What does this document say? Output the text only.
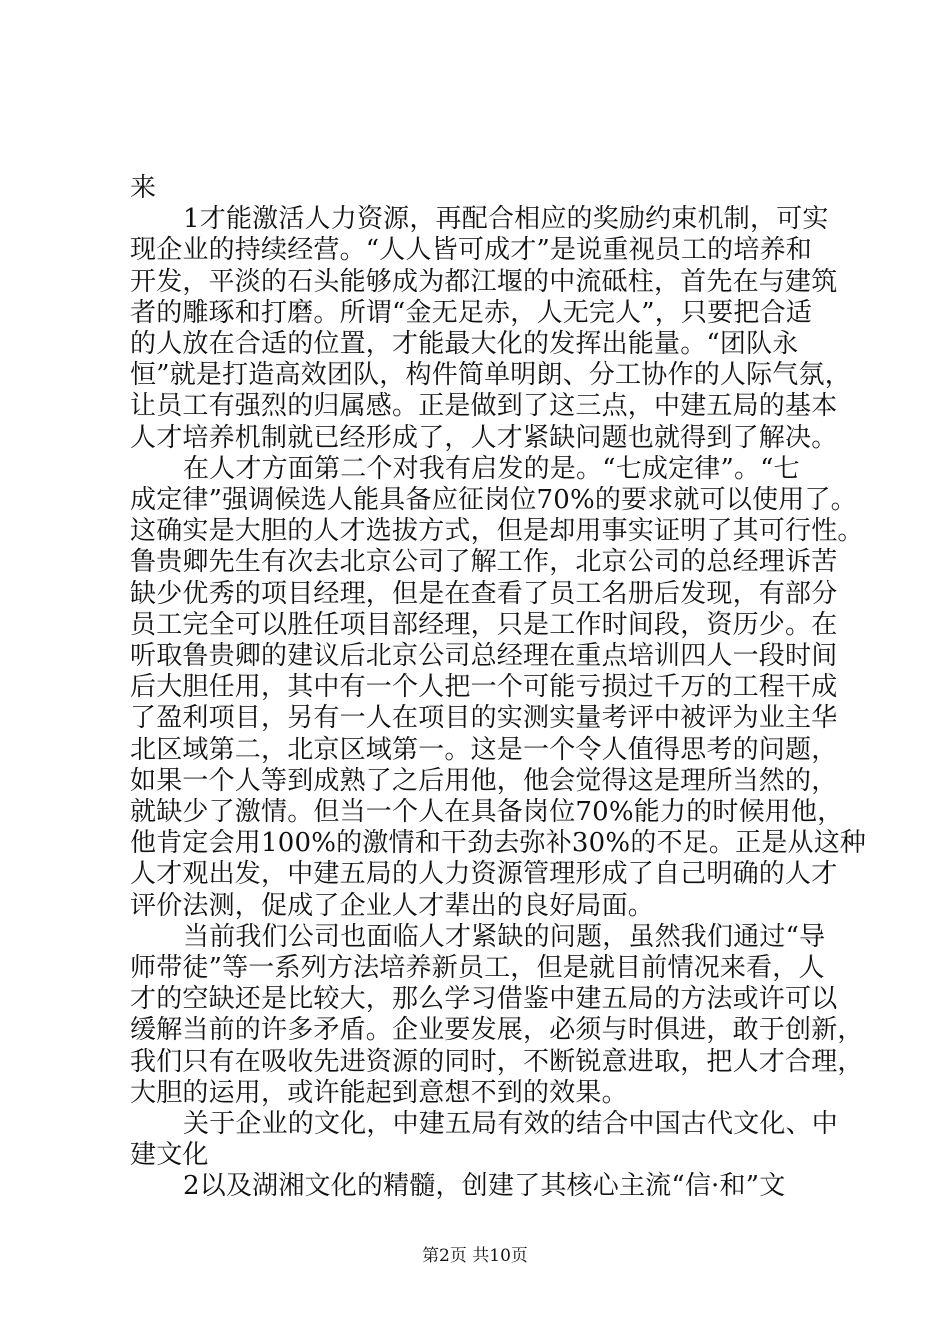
来
1才能激活人力资源，再配合相应的奖励约束机制，可实
现企业的持续经营。“人人皆可成才”是说重视员工的培养和
开发，平淡的石头能够成为都江堰的中流砥柱，首先在与建筑
者的雕琢和打磨。所谓“金无足赤，人无完人”，只要把合适
的人放在合适的位置，才能最大化的发挥出能量。“团队永
恒”就是打造高效团队，构件简单明朗、分工协作的人际气氛，
让员工有强烈的归属感。正是做到了这三点，中建五局的基本
人才培养机制就已经形成了，人才紧缺问题也就得到了解决。
在人才方面第二个对我有启发的是。“七成定律”。“七
成定律”强调候选人能具备应征岗位70%的要求就可以使用了。
这确实是大胆的人才选拔方式，但是却用事实证明了其可行性。
鲁贵卿先生有次去北京公司了解工作，北京公司的总经理诉苦
缺少优秀的项目经理，但是在查看了员工名册后发现，有部分
员工完全可以胜任项目部经理，只是工作时间段，资历少。在
听取鲁贵卿的建议后北京公司总经理在重点培训四人一段时间
后大胆任用，其中有一个人把一个可能亏损过千万的工程干成
了盈利项目，另有一人在项目的实测实量考评中被评为业主华
北区域第二，北京区域第一。这是一个令人值得思考的问题，
如果一个人等到成熟了之后用他，他会觉得这是理所当然的，
就缺少了激情。但当一个人在具备岗位70%能力的时候用他，
他肯定会用100%的激情和干劲去弥补30%的不足。正是从这种
人才观出发，中建五局的人力资源管理形成了自己明确的人才
评价法测，促成了企业人才辈出的良好局面。
当前我们公司也面临人才紧缺的问题，虽然我们通过“导
师带徒”等一系列方法培养新员工，但是就目前情况来看，人
才的空缺还是比较大，那么学习借鉴中建五局的方法或许可以
缓解当前的许多矛盾。企业要发展，必须与时俱进，敢于创新，
我们只有在吸收先进资源的同时，不断锐意进取，把人才合理，
大胆的运用，或许能起到意想不到的效果。
关于企业的文化，中建五局有效的结合中国古代文化、中
建文化
2以及湖湘文化的精髓，创建了其核心主流“信·和”文
第2页 共10页
